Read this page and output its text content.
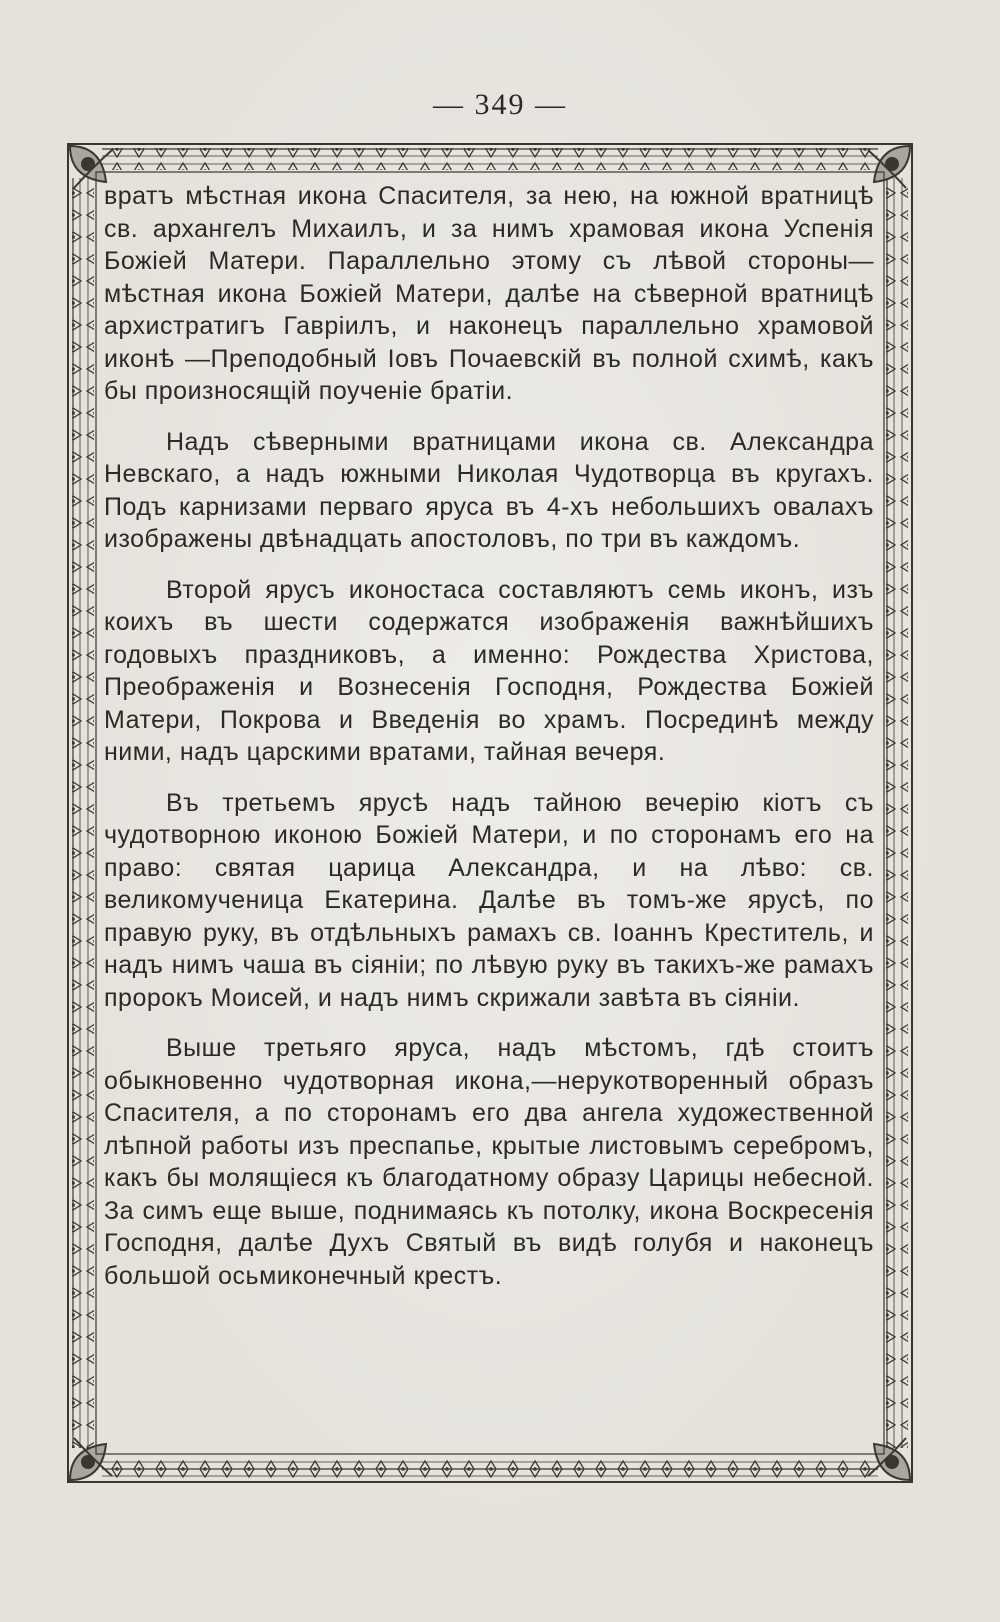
— 349 —

вратъ мѣстная икона Спасителя, за нею, на южной вратницѣ св. архангелъ Михаилъ, и за нимъ храмовая икона Успенія Божіей Матери. Параллельно этому съ лѣвой стороны—мѣстная икона Божіей Матери, далѣе на сѣверной вратницѣ архистратигъ Гавріилъ, и наконецъ параллельно храмовой иконѣ —Преподобный Іовъ Почаевскій въ полной схимѣ, какъ бы произносящій поученіе братіи.

Надъ сѣверными вратницами икона св. Александра Невскаго, а надъ южными Николая Чудотворца въ кругахъ. Подъ карнизами перваго яруса въ 4-хъ небольшихъ овалахъ изображены двѣнадцать апостоловъ, по три въ каждомъ.

Второй ярусъ иконостаса составляютъ семь иконъ, изъ коихъ въ шести содержатся изображенія важнѣйшихъ годовыхъ праздниковъ, а именно: Рождества Христова, Преображенія и Вознесенія Господня, Рождества Божіей Матери, Покрова и Введенія во храмъ. Посрединѣ между ними, надъ царскими вратами, тайная вечеря.

Въ третьемъ ярусѣ надъ тайною вечерію кіотъ съ чудотворною иконою Божіей Матери, и по сторонамъ его на право: святая царица Александра, и на лѣво: св. великомученица Екатерина. Далѣе въ томъ-же ярусѣ, по правую руку, въ отдѣльныхъ рамахъ св. Іоаннъ Креститель, и надъ нимъ чаша въ сіяніи; по лѣвую руку въ такихъ-же рамахъ пророкъ Моисей, и надъ нимъ скрижали завѣта въ сіяніи.

Выше третьяго яруса, надъ мѣстомъ, гдѣ стоитъ обыкновенно чудотворная икона,—нерукотворенный образъ Спасителя, а по сторонамъ его два ангела художественной лѣпной работы изъ преспапье, крытые листовымъ серебромъ, какъ бы молящіеся къ благодатному образу Царицы небесной. За симъ еще выше, поднимаясь къ потолку, икона Воскресенія Господня, далѣе Духъ Святый въ видѣ голубя и наконецъ большой осьмиконечный крестъ.
